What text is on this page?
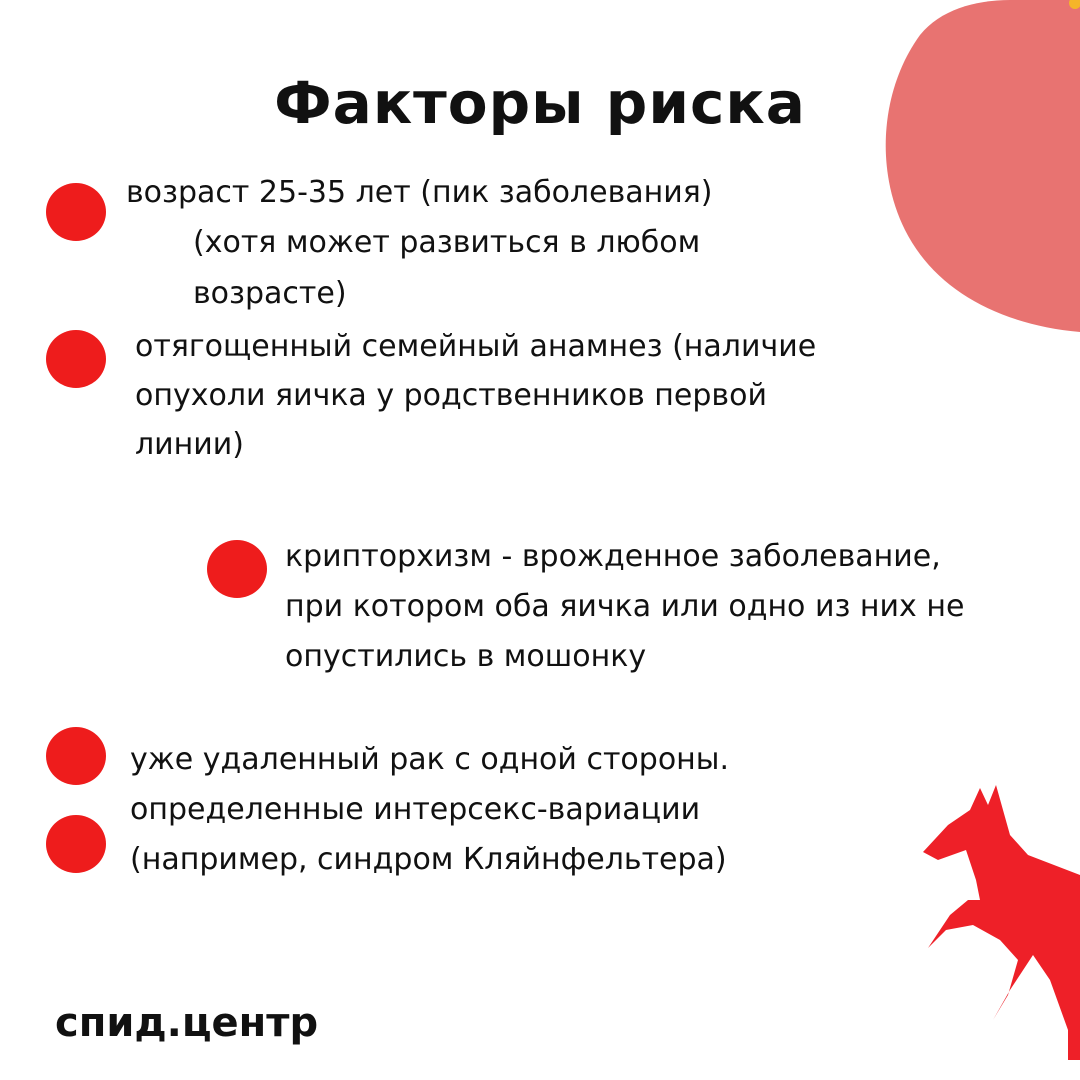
Факторы риска
возраст 25-35 лет (пик заболевания)
(хотя может развиться в любом
возрасте)
отягощенный семейный анамнез (наличие
опухоли яичка у родственников первой
линии)
крипторхизм - врожденное заболевание,
при котором оба яичка или одно из них не
опустились в мошонку
уже удаленный рак с одной стороны.
определенные интерсекс-вариации
(например, синдром Кляйнфельтера)
спид.центр
